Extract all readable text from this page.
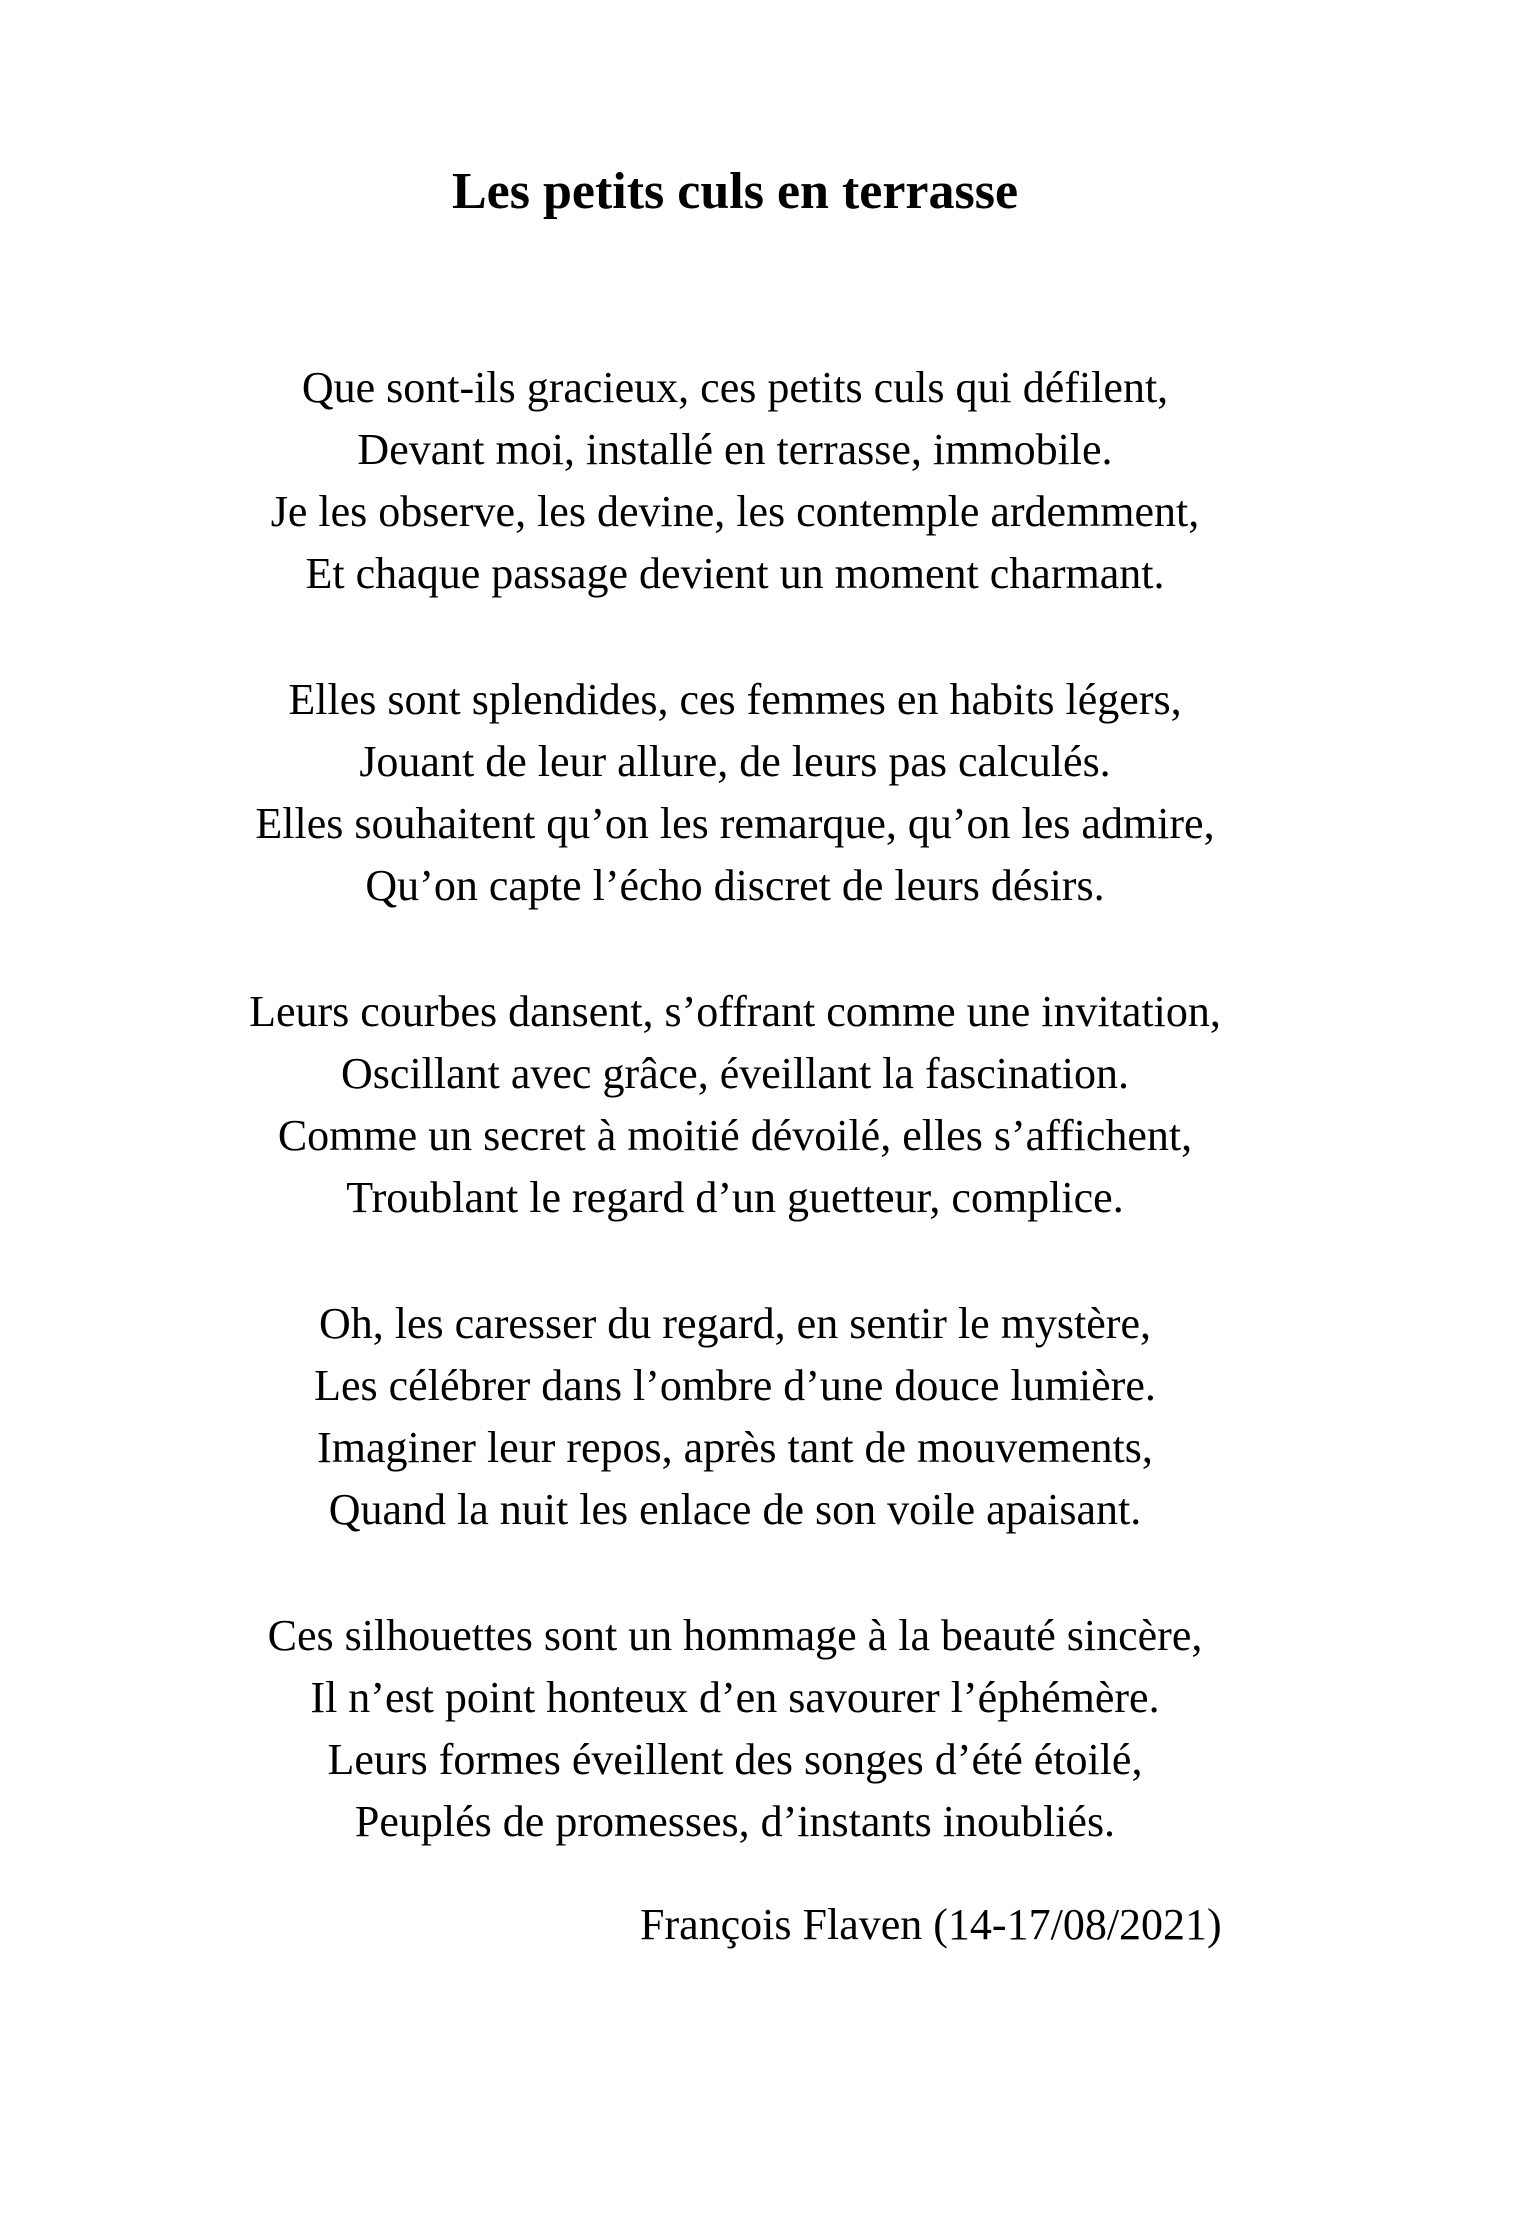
Les petits culs en terrasse

Que sont-ils gracieux, ces petits culs qui défilent,
Devant moi, installé en terrasse, immobile.
Je les observe, les devine, les contemple ardemment,
Et chaque passage devient un moment charmant.

Elles sont splendides, ces femmes en habits légers,
Jouant de leur allure, de leurs pas calculés.
Elles souhaitent qu’on les remarque, qu’on les admire,
Qu’on capte l’écho discret de leurs désirs.

Leurs courbes dansent, s’offrant comme une invitation,
Oscillant avec grâce, éveillant la fascination.
Comme un secret à moitié dévoilé, elles s’affichent,
Troublant le regard d’un guetteur, complice.

Oh, les caresser du regard, en sentir le mystère,
Les célébrer dans l’ombre d’une douce lumière.
Imaginer leur repos, après tant de mouvements,
Quand la nuit les enlace de son voile apaisant.

Ces silhouettes sont un hommage à la beauté sincère,
Il n’est point honteux d’en savourer l’éphémère.
Leurs formes éveillent des songes d’été étoilé,
Peuplés de promesses, d’instants inoubliés.

François Flaven (14-17/08/2021)
